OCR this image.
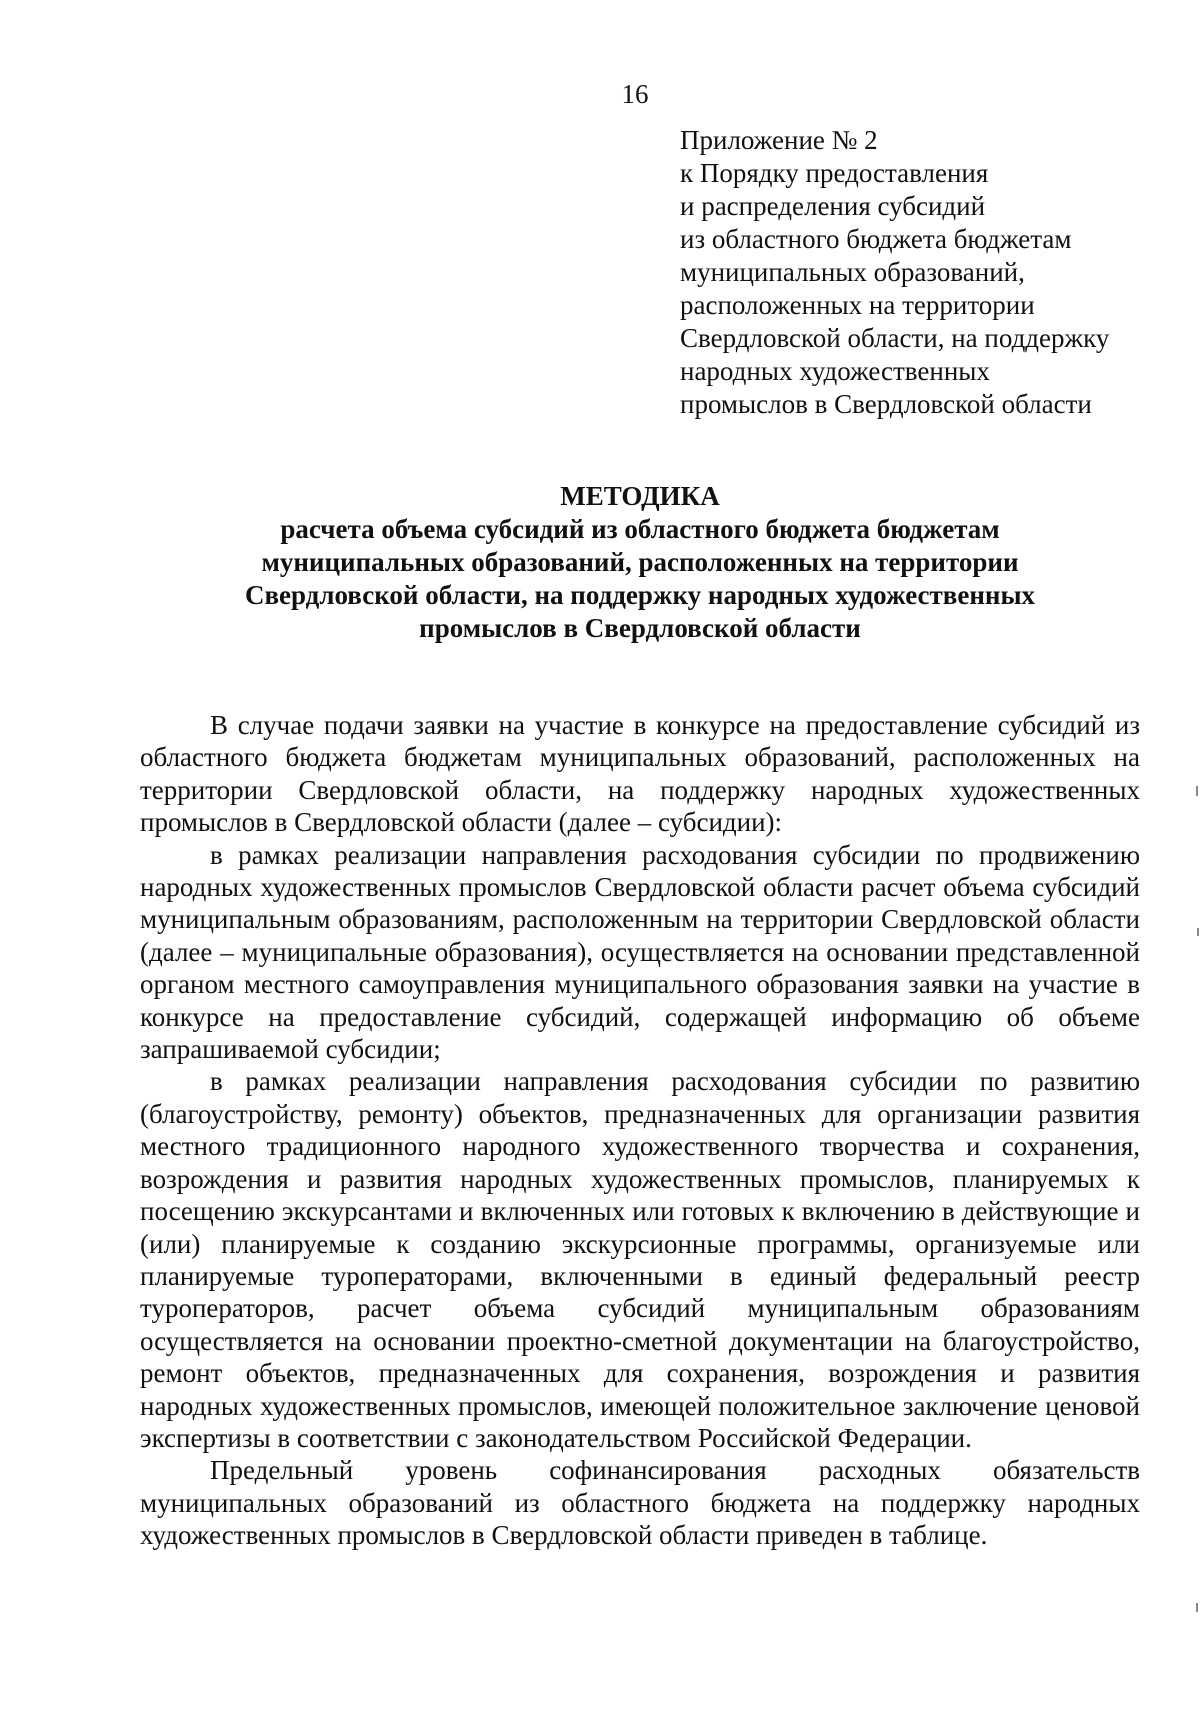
16
Приложение № 2
к Порядку предоставления
и распределения субсидий
из областного бюджета бюджетам
муниципальных образований,
расположенных на территории
Свердловской области, на поддержку
народных художественных
промыслов в Свердловской области
МЕТОДИКА
расчета объема субсидий из областного бюджета бюджетам
муниципальных образований, расположенных на территории
Свердловской области, на поддержку народных художественных
промыслов в Свердловской области

В случае подачи заявки на участие в конкурсе на предоставление субсидий из областного бюджета бюджетам муниципальных образований, расположенных на территории Свердловской области, на поддержку народных художественных промыслов в Свердловской области (далее – субсидии):

в рамках реализации направления расходования субсидии по продвижению народных художественных промыслов Свердловской области расчет объема субсидий муниципальным образованиям, расположенным на территории Свердловской области (далее – муниципальные образования), осуществляется на основании представленной органом местного самоуправления муниципального образования заявки на участие в конкурсе на предоставление субсидий, содержащей информацию об объеме запрашиваемой субсидии;

в рамках реализации направления расходования субсидии по развитию (благоустройству, ремонту) объектов, предназначенных для организации развития местного традиционного народного художественного творчества и сохранения, возрождения и развития народных художественных промыслов, планируемых к посещению экскурсантами и включенных или готовых к включению в действующие и (или) планируемые к созданию экскурсионные программы, организуемые или планируемые туроператорами, включенными в единый федеральный реестр туроператоров, расчет объема субсидий муниципальным образованиям осуществляется на основании проектно-сметной документации на благоустройство, ремонт объектов, предназначенных для сохранения, возрождения и развития народных художественных промыслов, имеющей положительное заключение ценовой экспертизы в соответствии с законодательством Российской Федерации.

Предельный уровень софинансирования расходных обязательств муниципальных образований из областного бюджета на поддержку народных художественных промыслов в Свердловской области приведен в таблице.
